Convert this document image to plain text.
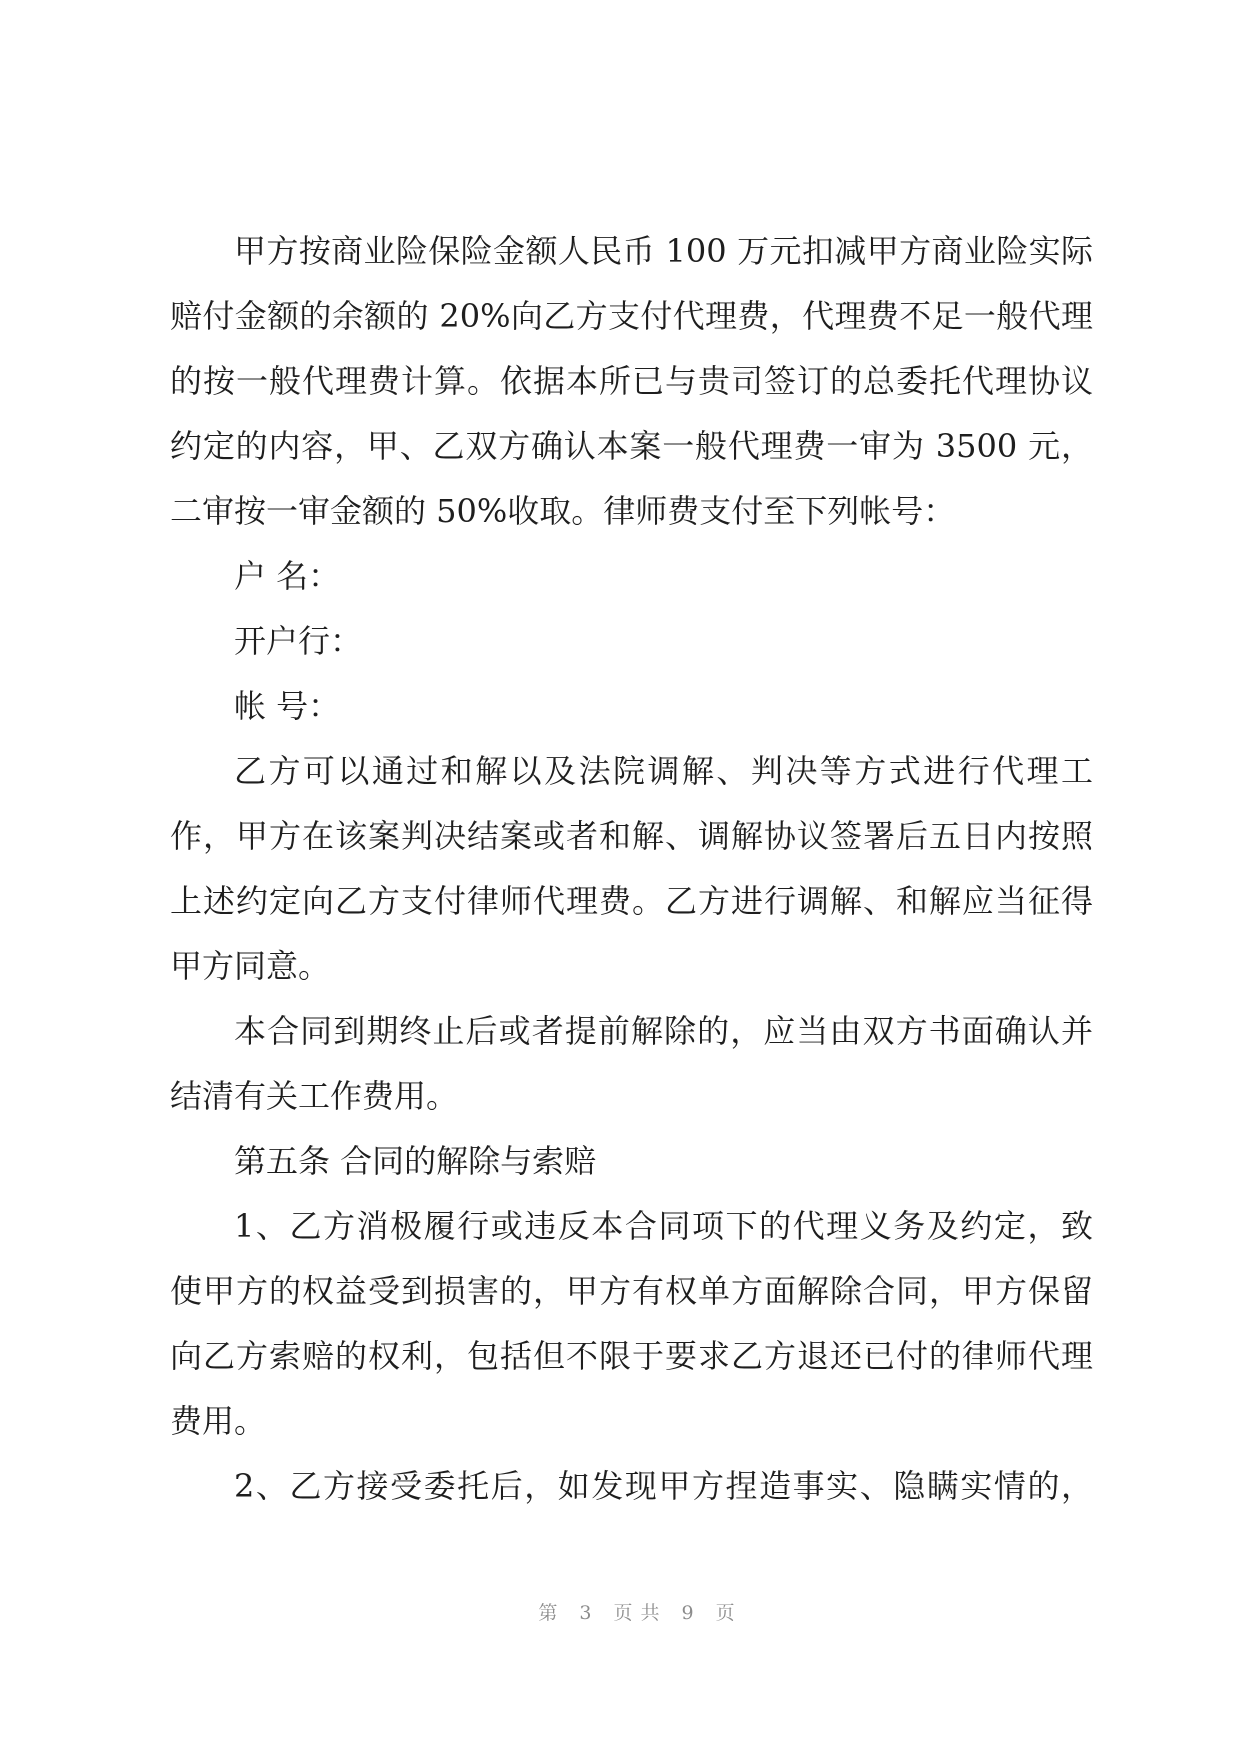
甲方按商业险保险金额人民币 100 万元扣减甲方商业险实际
赔付金额的余额的 20%向乙方支付代理费，代理费不足一般代理
的按一般代理费计算。依据本所已与贵司签订的总委托代理协议
约定的内容，甲、乙双方确认本案一般代理费一审为 3500 元，
二审按一审金额的 50%收取。律师费支付至下列帐号：
户 名：
开户行：
帐 号：
乙方可以通过和解以及法院调解、判决等方式进行代理工
作，甲方在该案判决结案或者和解、调解协议签署后五日内按照
上述约定向乙方支付律师代理费。乙方进行调解、和解应当征得
甲方同意。
本合同到期终止后或者提前解除的，应当由双方书面确认并
结清有关工作费用。
第五条 合同的解除与索赔
1、乙方消极履行或违反本合同项下的代理义务及约定，致
使甲方的权益受到损害的，甲方有权单方面解除合同，甲方保留
向乙方索赔的权利，包括但不限于要求乙方退还已付的律师代理
费用。
2、乙方接受委托后，如发现甲方捏造事实、隐瞒实情的，
第 3 页共 9 页
